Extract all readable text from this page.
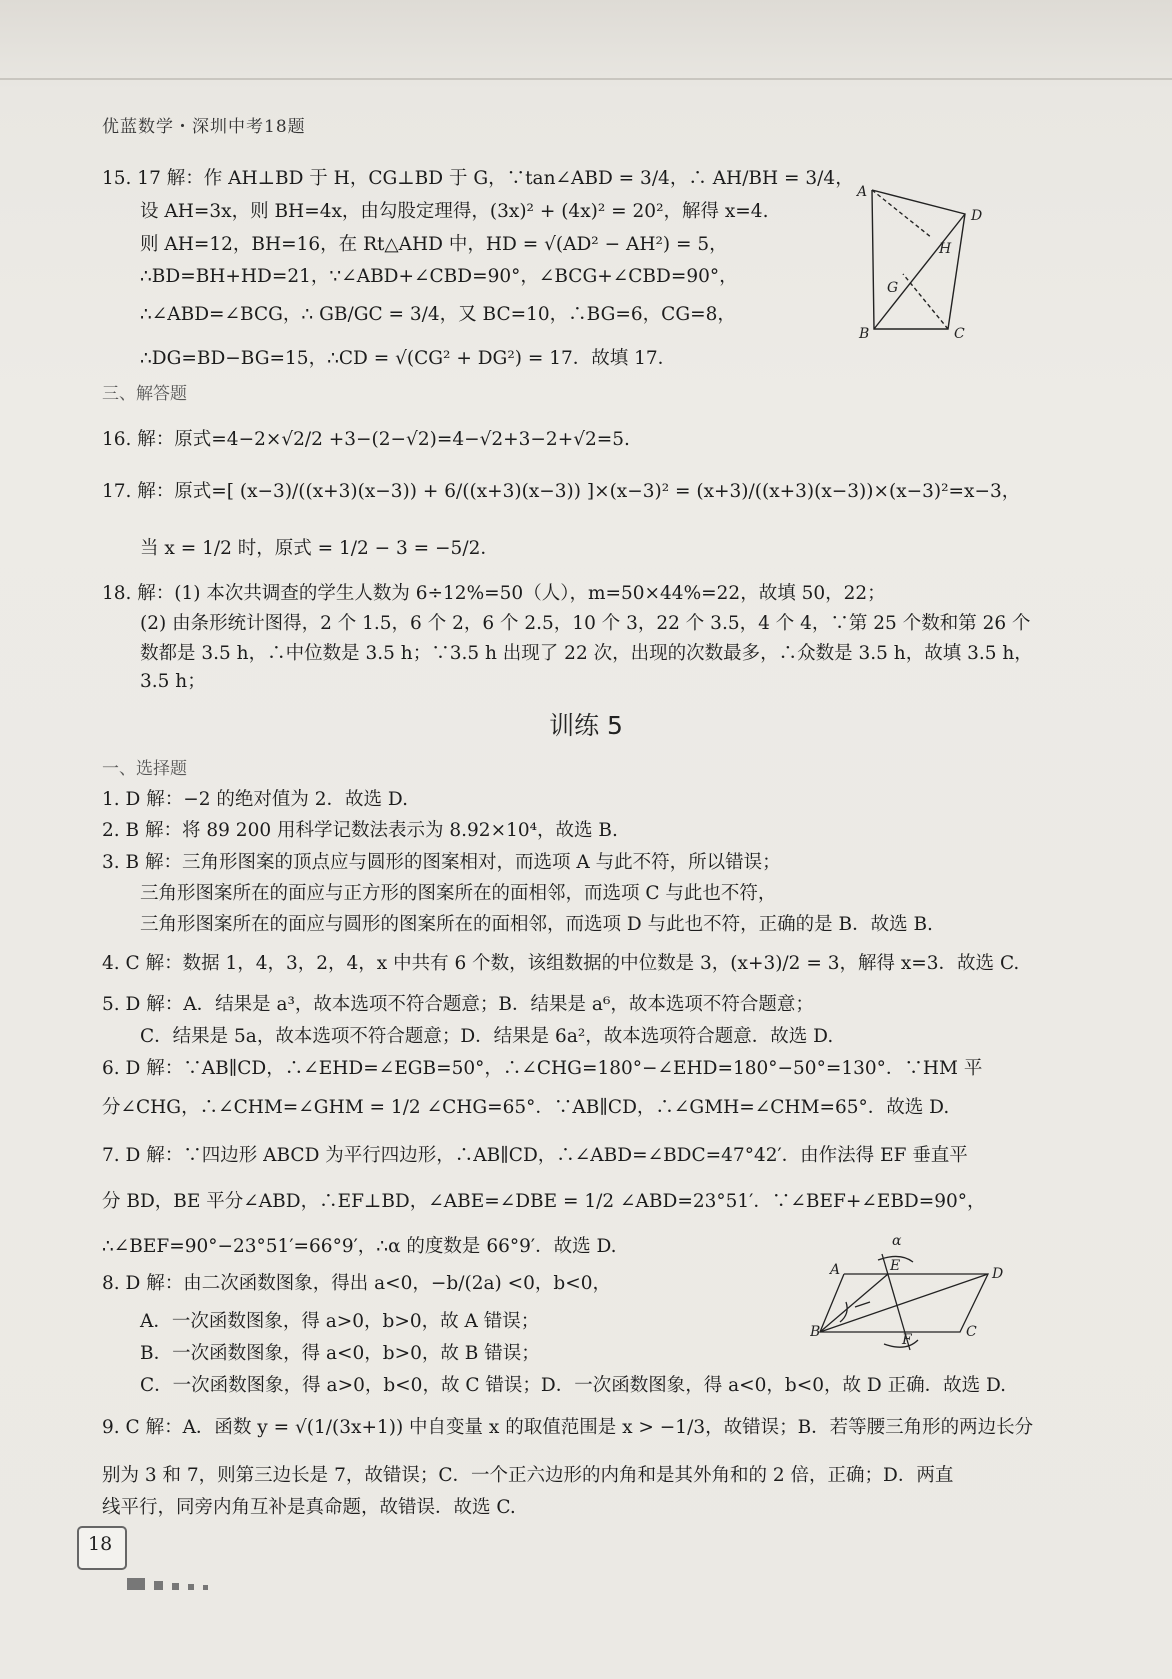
优蓝数学・深圳中考18题
15. 17 解：作 AH⊥BD 于 H，CG⊥BD 于 G，∵tan∠ABD = 3/4，∴ AH/BH = 3/4，
设 AH=3x，则 BH=4x，由勾股定理得，(3x)² + (4x)² = 20²，解得 x=4.
则 AH=12，BH=16，在 Rt△AHD 中，HD = √(AD² − AH²) = 5，
∴BD=BH+HD=21，∵∠ABD+∠CBD=90°，∠BCG+∠CBD=90°，
∴∠ABD=∠BCG，∴ GB/GC = 3/4，又 BC=10，∴BG=6，CG=8，
∴DG=BD−BG=15，∴CD = √(CG² + DG²) = 17．故填 17．
三、解答题
16. 解：原式=4−2×√2/2 +3−(2−√2)=4−√2+3−2+√2=5.
17. 解：原式=[ (x−3)/((x+3)(x−3)) + 6/((x+3)(x−3)) ]×(x−3)² = (x+3)/((x+3)(x−3))×(x−3)²=x−3，
当 x = 1/2 时，原式 = 1/2 − 3 = −5/2．
18. 解：(1) 本次共调查的学生人数为 6÷12%=50（人），m=50×44%=22，故填 50，22；
(2) 由条形统计图得，2 个 1.5，6 个 2，6 个 2.5，10 个 3，22 个 3.5，4 个 4，∵第 25 个数和第 26 个
数都是 3.5 h，∴中位数是 3.5 h；∵3.5 h 出现了 22 次，出现的次数最多，∴众数是 3.5 h，故填 3.5 h，
3.5 h；
训练 5
一、选择题
1. D 解：−2 的绝对值为 2．故选 D.
2. B 解：将 89 200 用科学记数法表示为 8.92×10⁴，故选 B.
3. B 解：三角形图案的顶点应与圆形的图案相对，而选项 A 与此不符，所以错误；
三角形图案所在的面应与正方形的图案所在的面相邻，而选项 C 与此也不符，
三角形图案所在的面应与圆形的图案所在的面相邻，而选项 D 与此也不符，正确的是 B．故选 B.
4. C 解：数据 1，4，3，2，4，x 中共有 6 个数，该组数据的中位数是 3，(x+3)/2 = 3，解得 x=3．故选 C.
5. D 解：A．结果是 a³，故本选项不符合题意；B．结果是 a⁶，故本选项不符合题意；
C．结果是 5a，故本选项不符合题意；D．结果是 6a²，故本选项符合题意．故选 D.
6. D 解：∵AB∥CD，∴∠EHD=∠EGB=50°，∴∠CHG=180°−∠EHD=180°−50°=130°．∵HM 平
分∠CHG，∴∠CHM=∠GHM = 1/2 ∠CHG=65°．∵AB∥CD，∴∠GMH=∠CHM=65°．故选 D.
7. D 解：∵四边形 ABCD 为平行四边形，∴AB∥CD，∴∠ABD=∠BDC=47°42′．由作法得 EF 垂直平
分 BD，BE 平分∠ABD，∴EF⊥BD，∠ABE=∠DBE = 1/2 ∠ABD=23°51′．∵∠BEF+∠EBD=90°，
∴∠BEF=90°−23°51′=66°9′，∴α 的度数是 66°9′．故选 D.
8. D 解：由二次函数图象，得出 a<0，−b/(2a) <0，b<0，
A．一次函数图象，得 a>0，b>0，故 A 错误；
B．一次函数图象，得 a<0，b>0，故 B 错误；
C．一次函数图象，得 a>0，b<0，故 C 错误；D．一次函数图象，得 a<0，b<0，故 D 正确．故选 D.
9. C 解：A．函数 y = √(1/(3x+1)) 中自变量 x 的取值范围是 x > −1/3，故错误；B．若等腰三角形的两边长分
别为 3 和 7，则第三边长是 7，故错误；C．一个正六边形的内角和是其外角和的 2 倍，正确；D．两直
线平行，同旁内角互补是真命题，故错误．故选 C.
A
D
H
G
B	C
α
A	E	D
B	F	C
18
